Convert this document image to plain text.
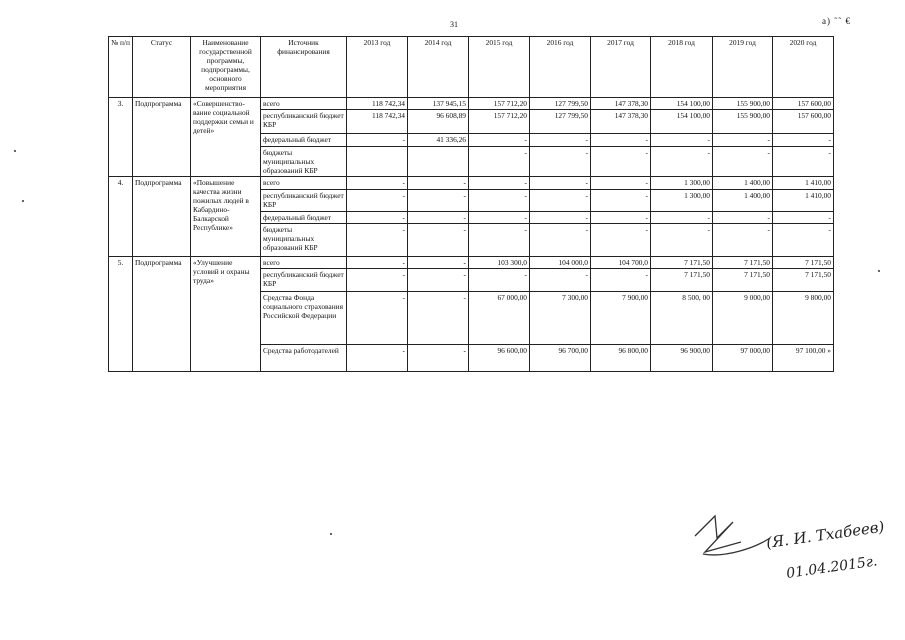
31	a) ˜˜ €
№ п/п	Статус	Наименование государственной программы, подпрограммы, основного мероприятия	Источник финансирования	2013 год	2014 год	2015 год	2016 год	2017 год	2018 год	2019 год	2020 год
3.	Подпрограмма	«Совершенство-вание социальной поддержки семьи и детей»	всего	118 742,34	137 945,15	157 712,20	127 799,50	147 378,30	154 100,00	155 900,00	157 600,00
			республиканский бюджет КБР	118 742,34	96 608,89	157 712,20	127 799,50	147 378,30	154 100,00	155 900,00	157 600,00
			федеральный бюджет	-	41 336,26	-	-	-	-	-	-
			бюджеты муниципальных образований КБР			-	-	-	-	-	-
4.	Подпрограмма	«Повышение качества жизни пожилых людей в Кабардино-Балкарской Республике»	всего	-	-	-	-	-	1 300,00	1 400,00	1 410,00
			республиканский бюджет КБР	-	-	-	-	-	1 300,00	1 400,00	1 410,00
			федеральный бюджет	-	-	-	-	-	-	-	-
			бюджеты муниципальных образований КБР	-	-	-	-	-	-	-	-
5.	Подпрограмма	«Улучшение условий и охраны труда»	всего	-	-	103 300,0	104 000,0	104 700,0	7 171,50	7 171,50	7 171,50
			республиканский бюджет КБР	-	-	-	-	-	7 171,50	7 171,50	7 171,50
			Средства Фонда социального страхования Российской Федерации	-	-	67 000,00	7 300,00	7 900,00	8 500, 00	9 000,00	9 800,00
			Средства работодателей	-	-	96 600,00	96 700,00	96 800,00	96 900,00	97 000,00	97 100,00 »
(Я. И. Тхабеев)
01.04.2015г.
